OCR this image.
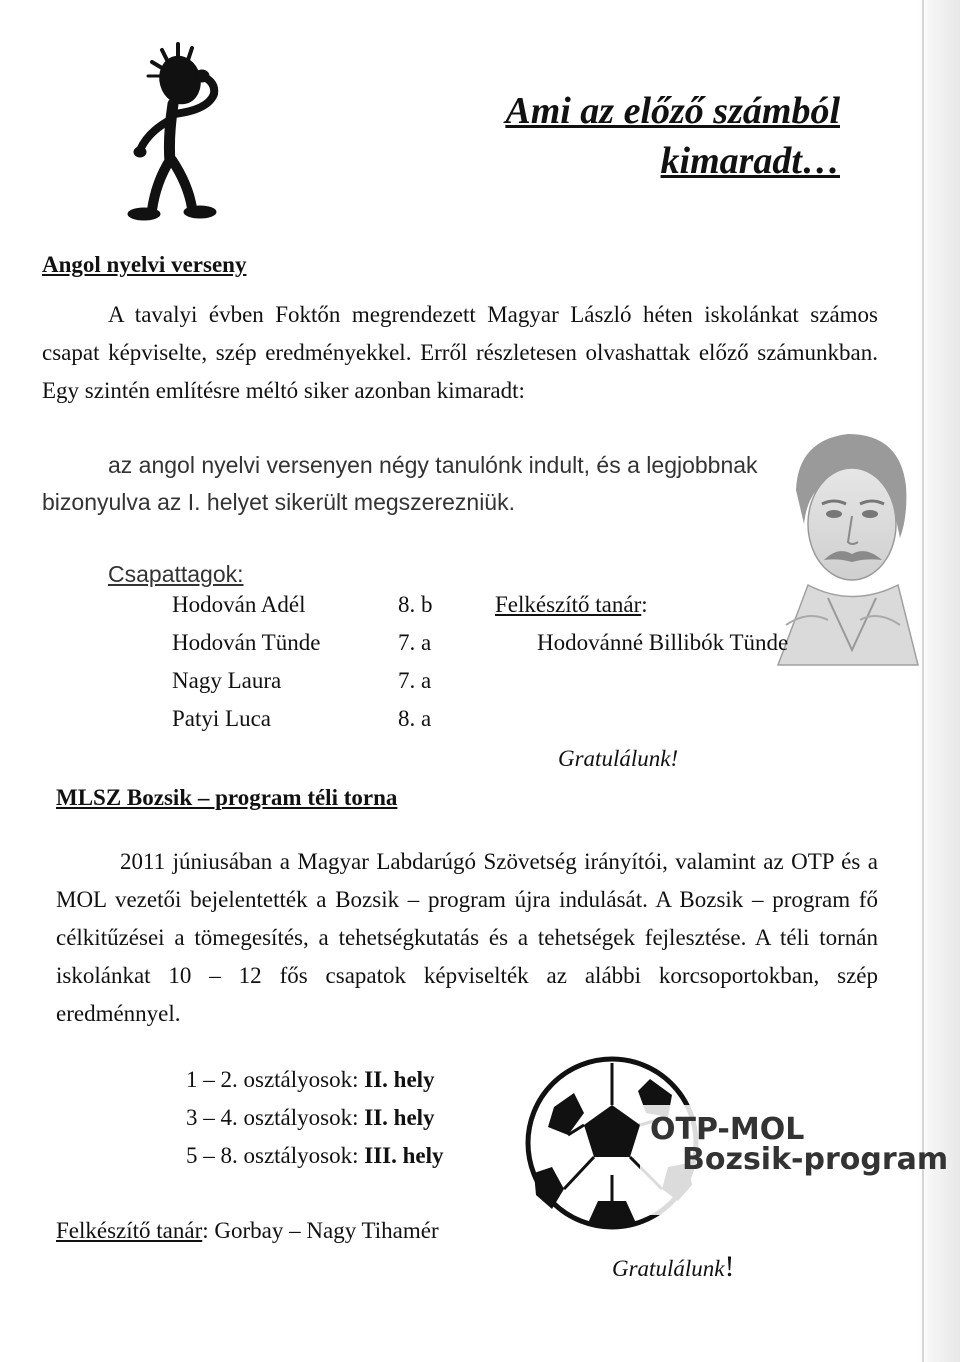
Ami az előző számból
kimaradt…
Angol nyelvi verseny

A tavalyi évben Foktőn megrendezett Magyar László héten iskolánkat számos csapat képviselte, szép eredményekkel. Erről részletesen olvashattak előző számunkban. Egy szintén említésre méltó siker azonban kimaradt:

az angol nyelvi versenyen négy tanulónk indult, és a legjobbnak
bizonyulva az I. helyet sikerült megszerezniük.
Csapattagok:
Hodován Adél	8. b
Hodován Tünde	7. a
Nagy Laura	7. a
Patyi Luca	8. a
Felkészítő tanár:
Hodovánné Billibók Tünde
Gratulálunk!
MLSZ Bozsik – program téli torna

2011 júniusában a Magyar Labdarúgó Szövetség irányítói, valamint az OTP és a MOL vezetői bejelentették a Bozsik – program újra indulását. A Bozsik – program fő célkitűzései a tömegesítés, a tehetségkutatás és a tehetségek fejlesztése. A téli tornán iskolánkat 10 – 12 fős csapatok képviselték az alábbi korcsoportokban, szép eredménnyel.

1 – 2. osztályosok: II. hely
3 – 4. osztályosok: II. hely
5 – 8. osztályosok: III. hely
OTP-MOL
Bozsik-program
Felkészítő tanár: Gorbay – Nagy Tihamér
Gratulálunk!
